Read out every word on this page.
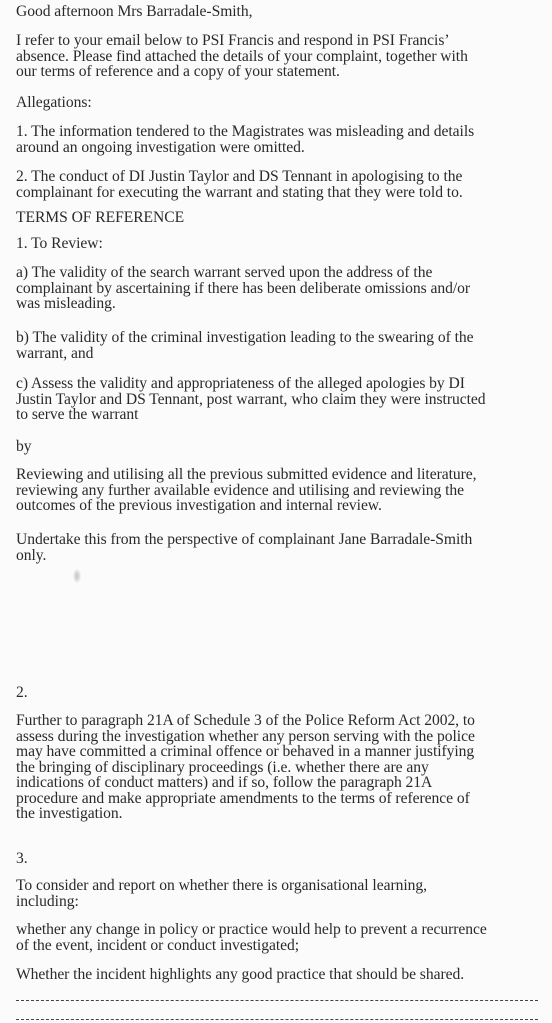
Good afternoon Mrs Barradale-Smith,
I refer to your email below to PSI Francis and respond in PSI Francis’
absence. Please find attached the details of your complaint, together with
our terms of reference and a copy of your statement.
Allegations:
1. The information tendered to the Magistrates was misleading and details
around an ongoing investigation were omitted.
2. The conduct of DI Justin Taylor and DS Tennant in apologising to the
complainant for executing the warrant and stating that they were told to.
TERMS OF REFERENCE
1. To Review:
a) The validity of the search warrant served upon the address of the
complainant by ascertaining if there has been deliberate omissions and/or
was misleading.
b) The validity of the criminal investigation leading to the swearing of the
warrant, and
c) Assess the validity and appropriateness of the alleged apologies by DI
Justin Taylor and DS Tennant, post warrant, who claim they were instructed
to serve the warrant
by
Reviewing and utilising all the previous submitted evidence and literature,
reviewing any further available evidence and utilising and reviewing the
outcomes of the previous investigation and internal review.
Undertake this from the perspective of complainant Jane Barradale-Smith
only.
2.
Further to paragraph 21A of Schedule 3 of the Police Reform Act 2002, to
assess during the investigation whether any person serving with the police
may have committed a criminal offence or behaved in a manner justifying
the bringing of disciplinary proceedings (i.e. whether there are any
indications of conduct matters) and if so, follow the paragraph 21A
procedure and make appropriate amendments to the terms of reference of
the investigation.
3.
To consider and report on whether there is organisational learning,
including:
whether any change in policy or practice would help to prevent a recurrence
of the event, incident or conduct investigated;
Whether the incident highlights any good practice that should be shared.
